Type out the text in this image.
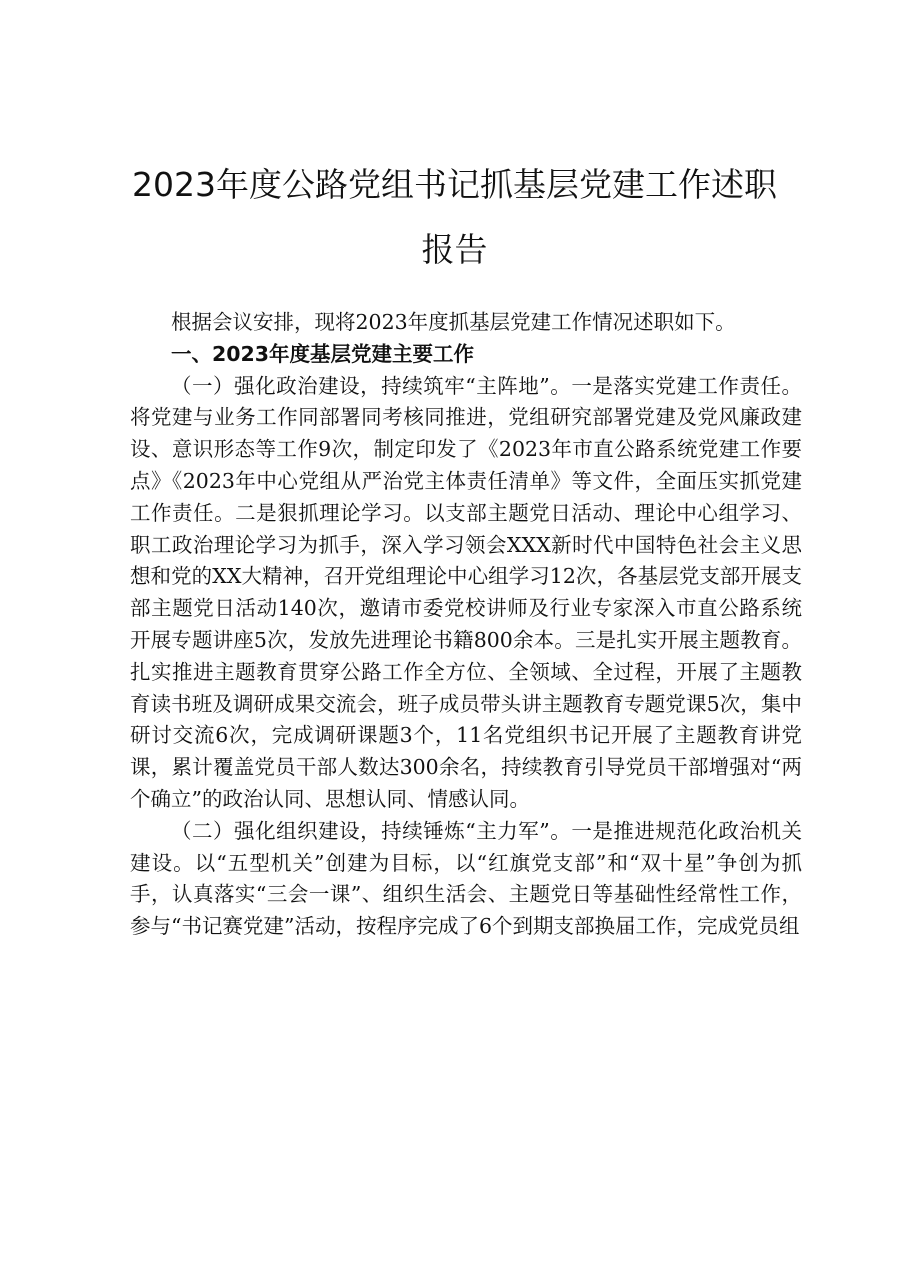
2023年度公路党组书记抓基层党建工作述职
报告

根据会议安排，现将2023年度抓基层党建工作情况述职如下。

一、2023年度基层党建主要工作

（一）强化政治建设，持续筑牢“主阵地”。一是落实党建工作责任。将党建与业务工作同部署同考核同推进，党组研究部署党建及党风廉政建设、意识形态等工作9次，制定印发了《2023年市直公路系统党建工作要点》《2023年中心党组从严治党主体责任清单》等文件，全面压实抓党建工作责任。二是狠抓理论学习。以支部主题党日活动、理论中心组学习、职工政治理论学习为抓手，深入学习领会XXX新时代中国特色社会主义思想和党的XX大精神，召开党组理论中心组学习12次，各基层党支部开展支部主题党日活动140次，邀请市委党校讲师及行业专家深入市直公路系统开展专题讲座5次，发放先进理论书籍800余本。三是扎实开展主题教育。扎实推进主题教育贯穿公路工作全方位、全领域、全过程，开展了主题教育读书班及调研成果交流会，班子成员带头讲主题教育专题党课5次，集中研讨交流6次，完成调研课题3个，11名党组织书记开展了主题教育讲党课，累计覆盖党员干部人数达300余名，持续教育引导党员干部增强对“两个确立”的政治认同、思想认同、情感认同。

（二）强化组织建设，持续锤炼“主力军”。一是推进规范化政治机关建设。以“五型机关”创建为目标，以“红旗党支部”和“双十星”争创为抓手，认真落实“三会一课”、组织生活会、主题党日等基础性经常性工作，参与“书记赛党建”活动，按程序完成了6个到期支部换届工作，完成党员组
